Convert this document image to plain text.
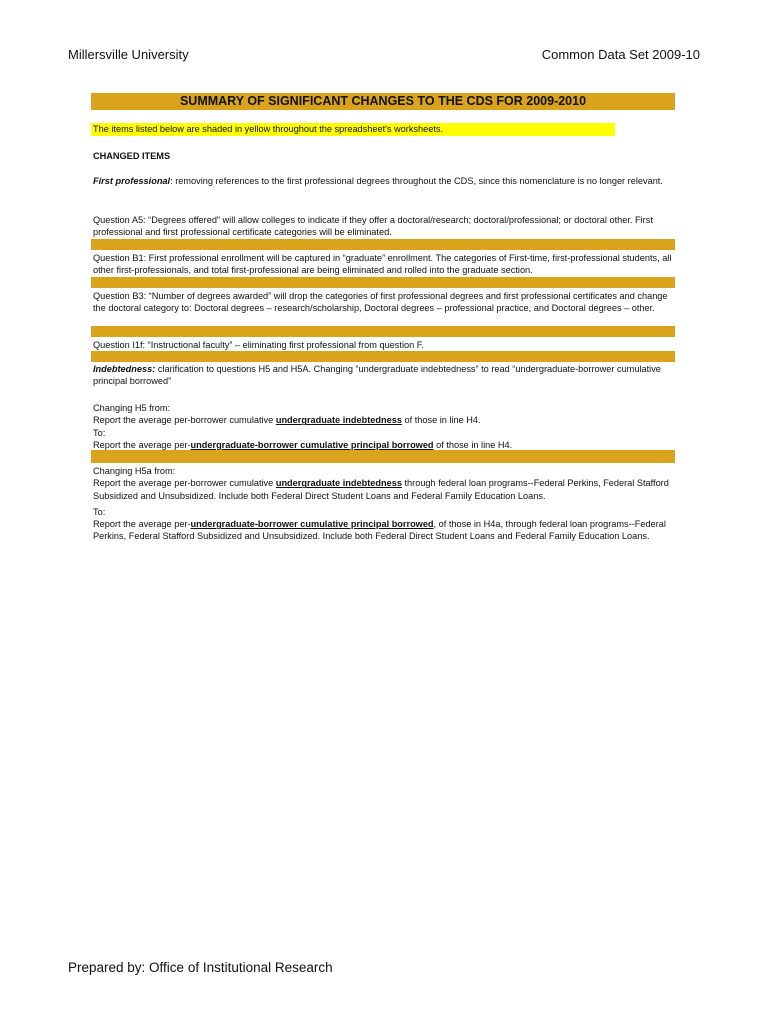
Millersville University	Common Data Set 2009-10
SUMMARY OF SIGNIFICANT CHANGES TO THE CDS FOR 2009-2010
The items listed below are shaded in yellow throughout the spreadsheet's worksheets.
CHANGED ITEMS
First professional: removing references to the first professional degrees throughout the CDS, since this nomenclature is no longer relevant.
Question A5: “Degrees offered” will allow colleges to indicate if they offer a doctoral/research; doctoral/professional; or doctoral other. First professional and first professional certificate categories will be eliminated.
Question B1: First professional enrollment will be captured in “graduate” enrollment. The categories of First-time, first-professional students, all other first-professionals, and total first-professional are being eliminated and rolled into the graduate section.
Question B3: “Number of degrees awarded” will drop the categories of first professional degrees and first professional certificates and change the doctoral category to: Doctoral degrees – research/scholarship, Doctoral degrees – professional practice, and Doctoral degrees – other.
Question I1f: “Instructional faculty” – eliminating first professional from question F.
Indebtedness: clarification to questions H5 and H5A. Changing “undergraduate indebtedness” to read “undergraduate-borrower cumulative principal borrowed”
Changing H5 from:
Report the average per-borrower cumulative undergraduate indebtedness of those in line H4.
To:
Report the average per-undergraduate-borrower cumulative principal borrowed of those in line H4.
Changing H5a from:
Report the average per-borrower cumulative undergraduate indebtedness through federal loan programs--Federal Perkins, Federal Stafford Subsidized and Unsubsidized. Include both Federal Direct Student Loans and Federal Family Education Loans.
To:
Report the average per-undergraduate-borrower cumulative principal borrowed, of those in H4a, through federal loan programs--Federal Perkins, Federal Stafford Subsidized and Unsubsidized. Include both Federal Direct Student Loans and Federal Family Education Loans.
Prepared by: Office of Institutional Research
